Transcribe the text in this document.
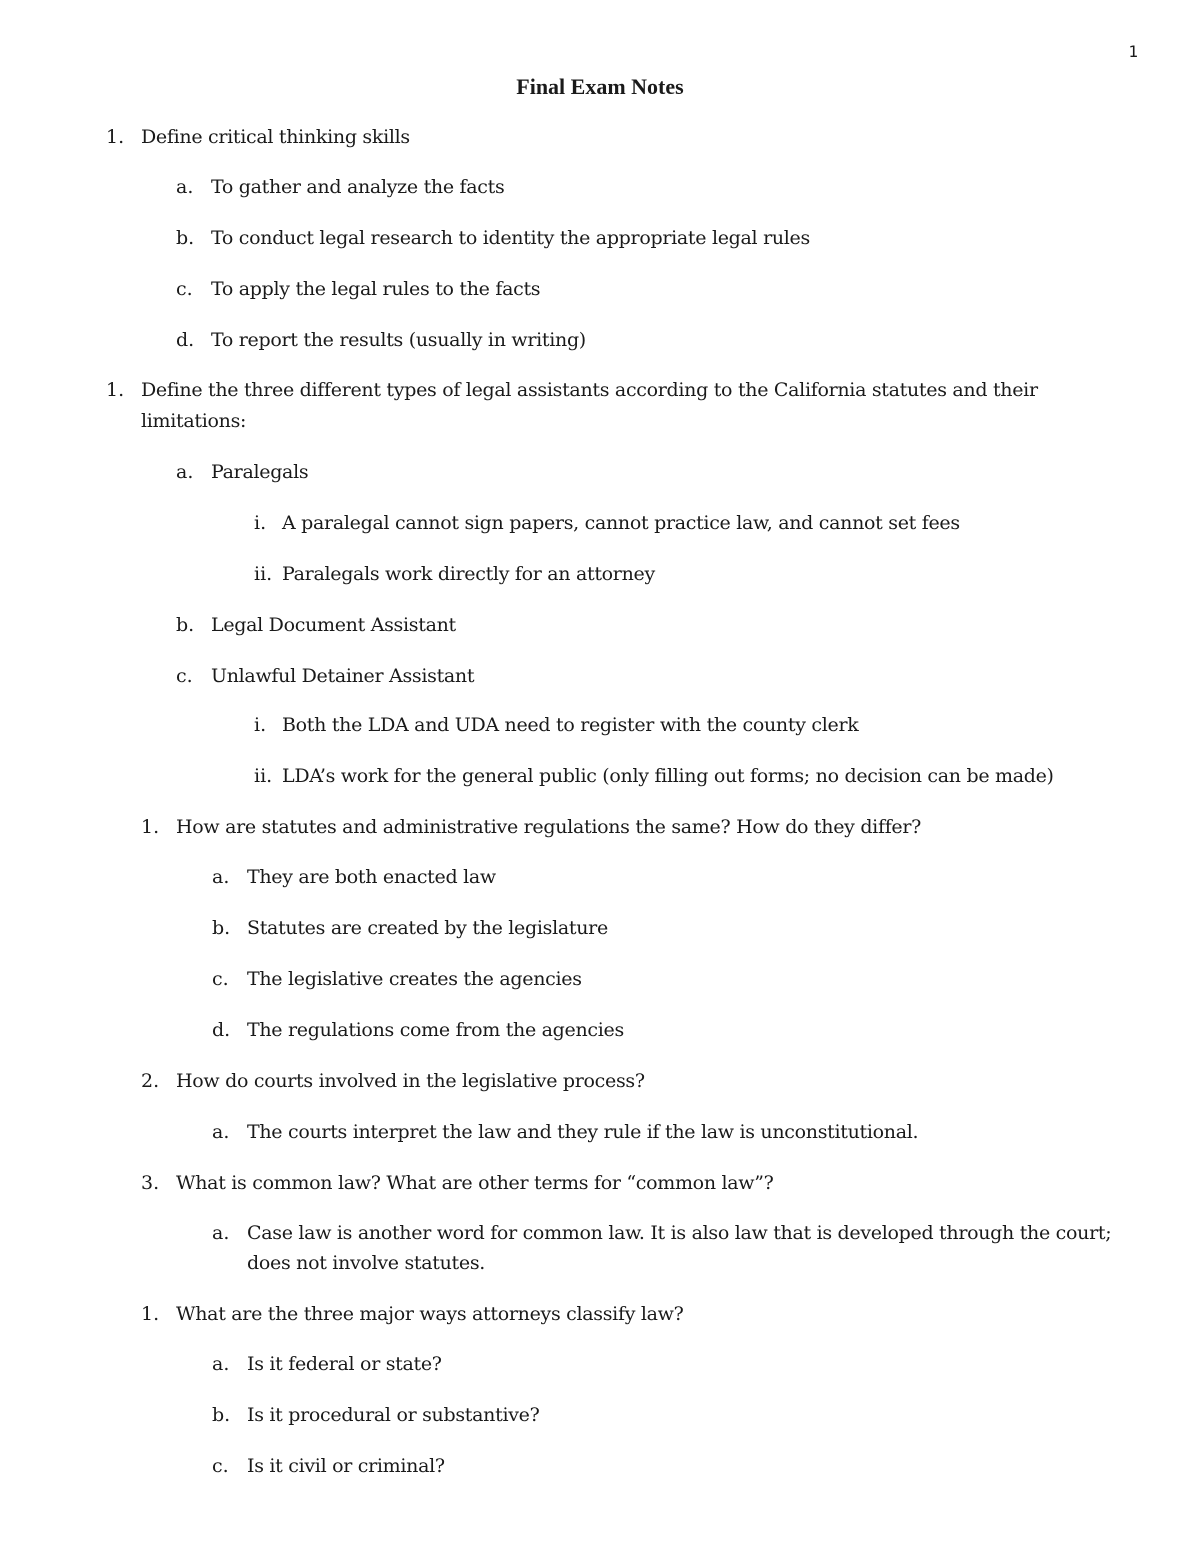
1
Final Exam Notes
1. Define critical thinking skills
a. To gather and analyze the facts
b. To conduct legal research to identity the appropriate legal rules
c. To apply the legal rules to the facts
d. To report the results (usually in writing)
1. Define the three different types of legal assistants according to the California statutes and their
limitations:
a. Paralegals
i. A paralegal cannot sign papers, cannot practice law, and cannot set fees
ii. Paralegals work directly for an attorney
b. Legal Document Assistant
c. Unlawful Detainer Assistant
i. Both the LDA and UDA need to register with the county clerk
ii. LDA’s work for the general public (only filling out forms; no decision can be made)
1. How are statutes and administrative regulations the same? How do they differ?
a. They are both enacted law
b. Statutes are created by the legislature
c. The legislative creates the agencies
d. The regulations come from the agencies
2. How do courts involved in the legislative process?
a. The courts interpret the law and they rule if the law is unconstitutional.
3. What is common law? What are other terms for “common law”?
a. Case law is another word for common law. It is also law that is developed through the court;
does not involve statutes.
1. What are the three major ways attorneys classify law?
a. Is it federal or state?
b. Is it procedural or substantive?
c. Is it civil or criminal?
